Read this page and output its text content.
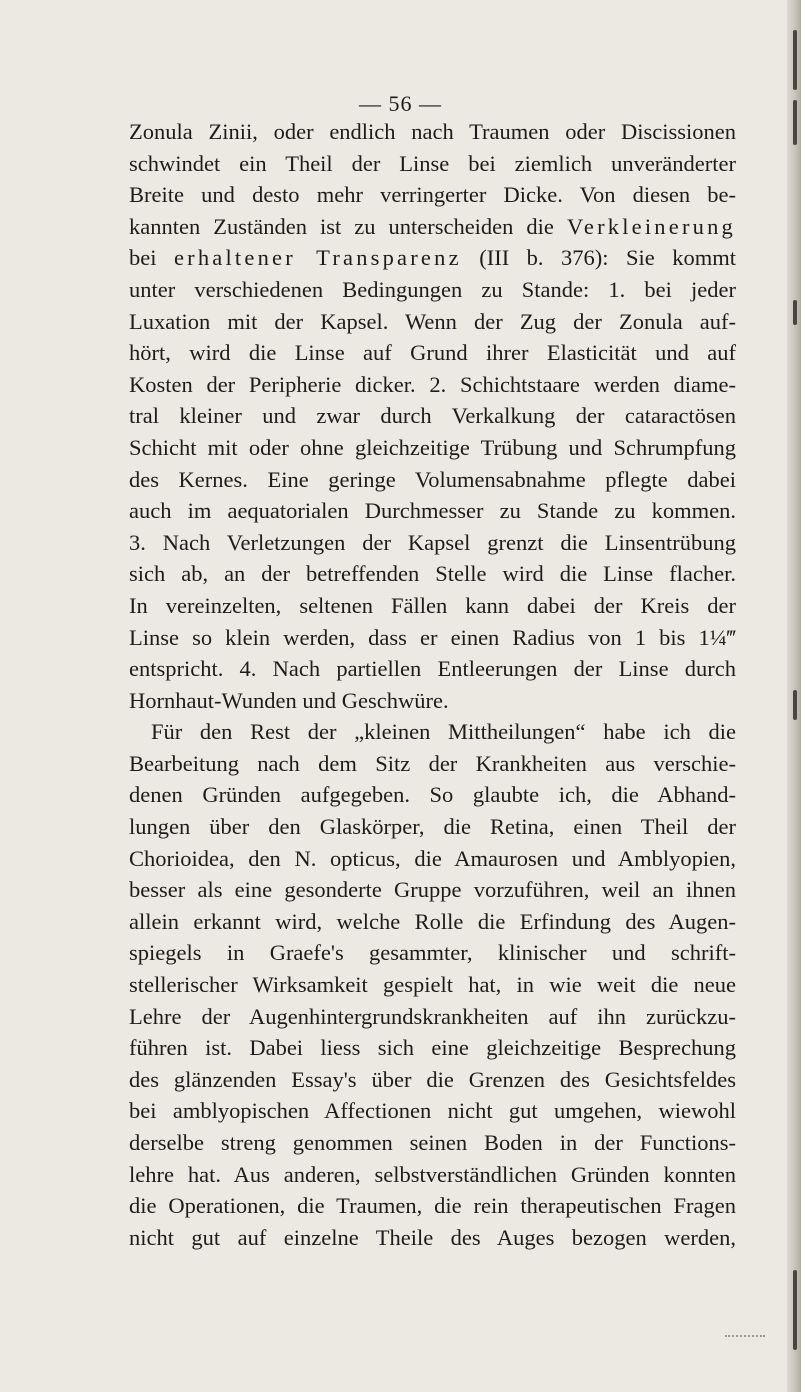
— 56 —
Zonula Zinii, oder endlich nach Traumen oder Discissionen
schwindet ein Theil der Linse bei ziemlich unveränderter
Breite und desto mehr verringerter Dicke. Von diesen be-
kannten Zuständen ist zu unterscheiden die Verkleinerung
bei erhaltener Transparenz (III b. 376): Sie kommt
unter verschiedenen Bedingungen zu Stande: 1. bei jeder
Luxation mit der Kapsel. Wenn der Zug der Zonula auf-
hört, wird die Linse auf Grund ihrer Elasticität und auf
Kosten der Peripherie dicker. 2. Schichtstaare werden diame-
tral kleiner und zwar durch Verkalkung der cataractösen
Schicht mit oder ohne gleichzeitige Trübung und Schrumpfung
des Kernes. Eine geringe Volumensabnahme pflegte dabei
auch im aequatorialen Durchmesser zu Stande zu kommen.
3. Nach Verletzungen der Kapsel grenzt die Linsentrübung
sich ab, an der betreffenden Stelle wird die Linse flacher.
In vereinzelten, seltenen Fällen kann dabei der Kreis der
Linse so klein werden, dass er einen Radius von 1 bis 1¼‴
entspricht. 4. Nach partiellen Entleerungen der Linse durch
Hornhaut-Wunden und Geschwüre.
Für den Rest der „kleinen Mittheilungen“ habe ich die
Bearbeitung nach dem Sitz der Krankheiten aus verschie-
denen Gründen aufgegeben. So glaubte ich, die Abhand-
lungen über den Glaskörper, die Retina, einen Theil der
Chorioidea, den N. opticus, die Amaurosen und Amblyopien,
besser als eine gesonderte Gruppe vorzuführen, weil an ihnen
allein erkannt wird, welche Rolle die Erfindung des Augen-
spiegels in Graefe's gesammter, klinischer und schrift-
stellerischer Wirksamkeit gespielt hat, in wie weit die neue
Lehre der Augenhintergrundskrankheiten auf ihn zurückzu-
führen ist. Dabei liess sich eine gleichzeitige Besprechung
des glänzenden Essay's über die Grenzen des Gesichtsfeldes
bei amblyopischen Affectionen nicht gut umgehen, wiewohl
derselbe streng genommen seinen Boden in der Functions-
lehre hat. Aus anderen, selbstverständlichen Gründen konnten
die Operationen, die Traumen, die rein therapeutischen Fragen
nicht gut auf einzelne Theile des Auges bezogen werden,
